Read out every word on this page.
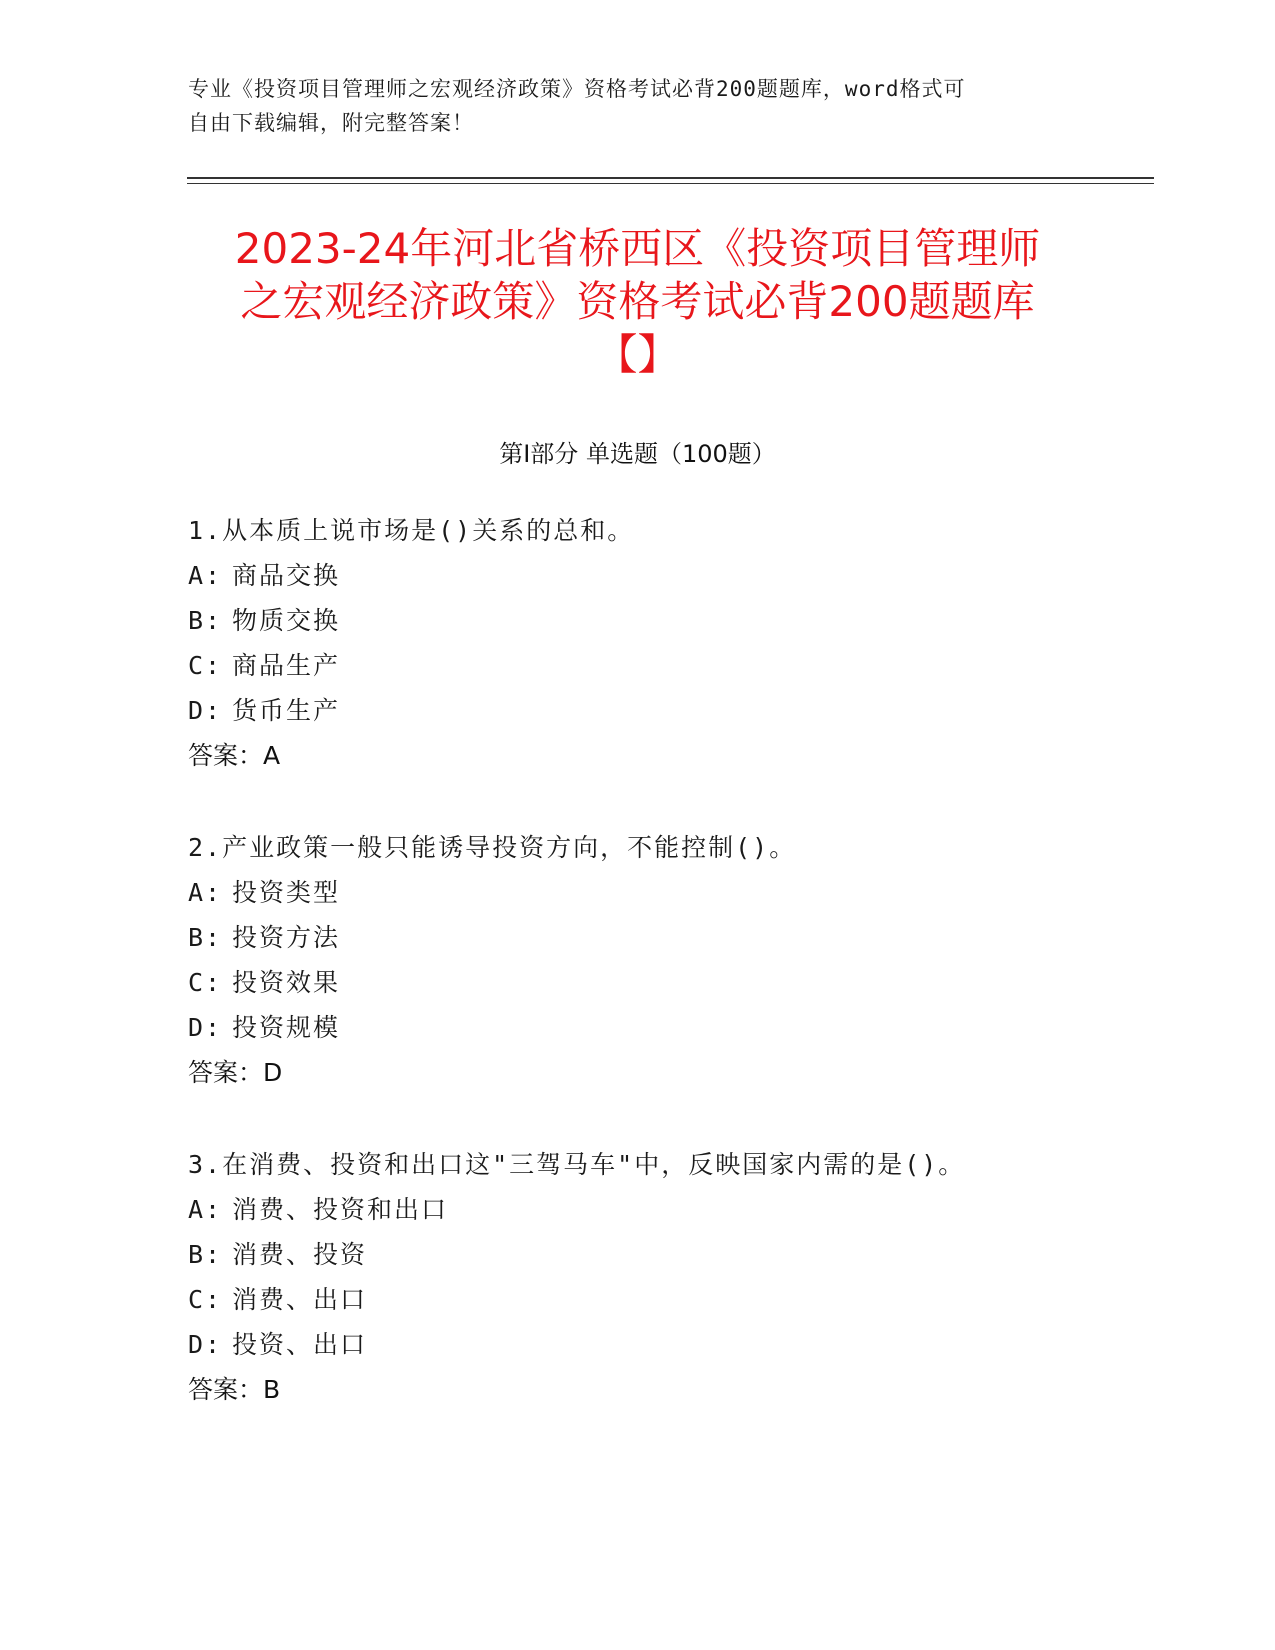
专业《投资项目管理师之宏观经济政策》资格考试必背200题题库，word格式可
自由下载编辑，附完整答案！
2023-24年河北省桥西区《投资项目管理师
之宏观经济政策》资格考试必背200题题库
【】
第I部分 单选题（100题）
1.从本质上说市场是()关系的总和。
A: 商品交换
B: 物质交换
C: 商品生产
D: 货币生产
答案：A
2.产业政策一般只能诱导投资方向，不能控制()。
A: 投资类型
B: 投资方法
C: 投资效果
D: 投资规模
答案：D
3.在消费、投资和出口这"三驾马车"中，反映国家内需的是()。
A: 消费、投资和出口
B: 消费、投资
C: 消费、出口
D: 投资、出口
答案：B
